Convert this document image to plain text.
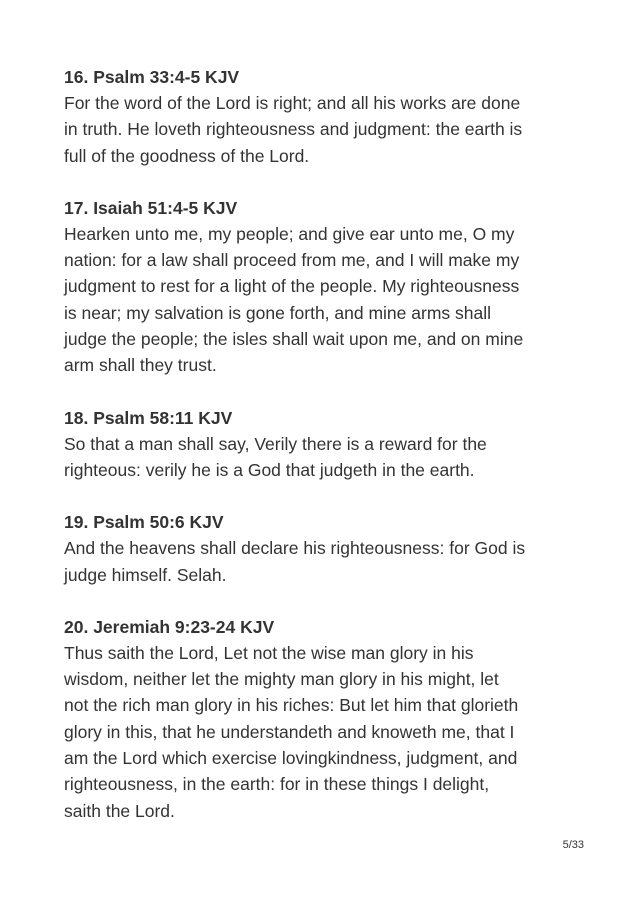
16. Psalm 33:4-5 KJV

For the word of the Lord is right; and all his works are done

in truth. He loveth righteousness and judgment: the earth is

full of the goodness of the Lord.

17. Isaiah 51:4-5 KJV

Hearken unto me, my people; and give ear unto me, O my

nation: for a law shall proceed from me, and I will make my

judgment to rest for a light of the people. My righteousness

is near; my salvation is gone forth, and mine arms shall

judge the people; the isles shall wait upon me, and on mine

arm shall they trust.

18. Psalm 58:11 KJV

So that a man shall say, Verily there is a reward for the

righteous: verily he is a God that judgeth in the earth.

19. Psalm 50:6 KJV

And the heavens shall declare his righteousness: for God is

judge himself. Selah.

20. Jeremiah 9:23-24 KJV

Thus saith the Lord, Let not the wise man glory in his

wisdom, neither let the mighty man glory in his might, let

not the rich man glory in his riches: But let him that glorieth

glory in this, that he understandeth and knoweth me, that I

am the Lord which exercise lovingkindness, judgment, and

righteousness, in the earth: for in these things I delight,

saith the Lord.

5/33
